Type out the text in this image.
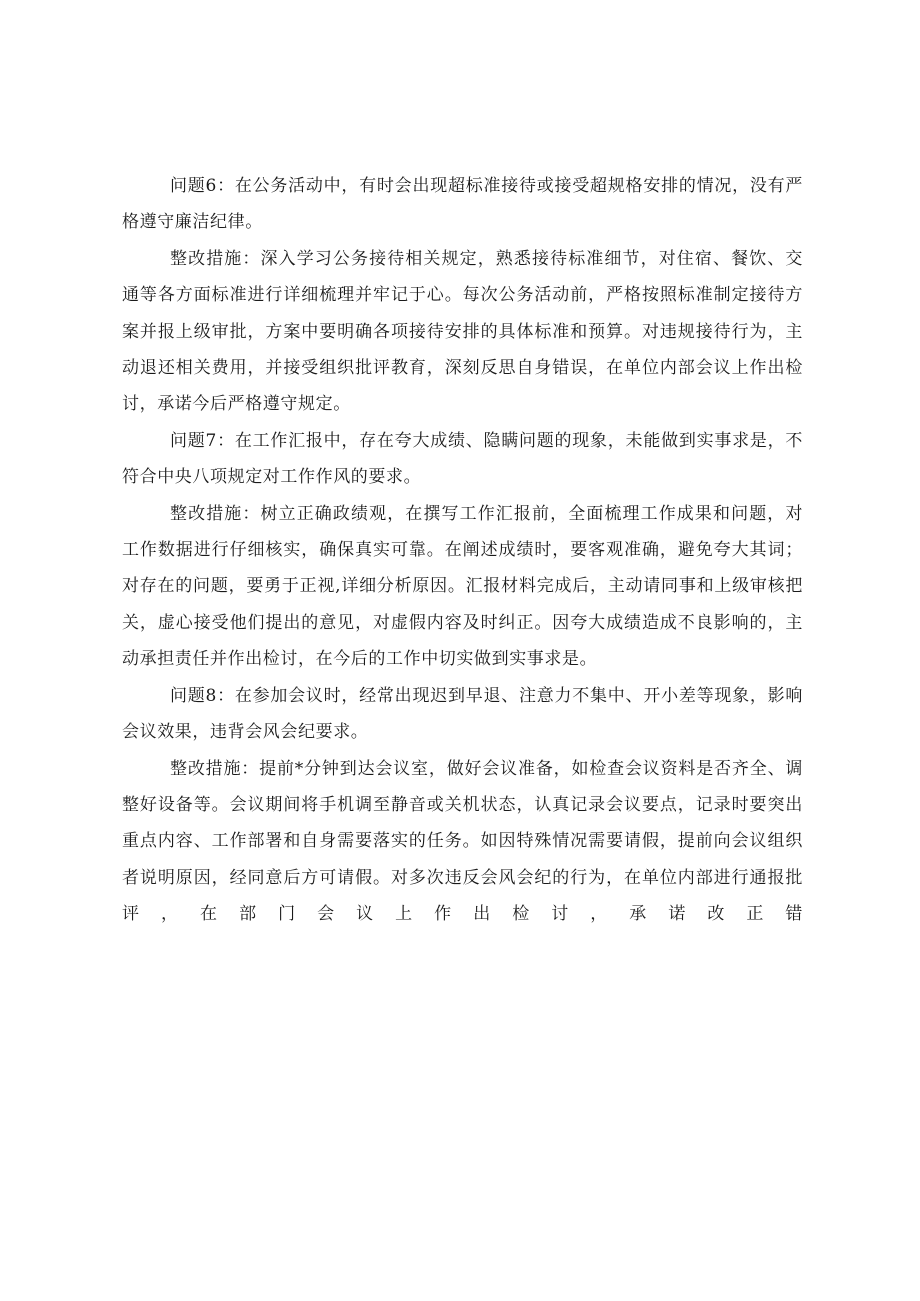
问题6：在公务活动中，有时会出现超标准接待或接受超规格安排的情况，没有严格遵守廉洁纪律。

整改措施：深入学习公务接待相关规定，熟悉接待标准细节，对住宿、餐饮、交通等各方面标准进行详细梳理并牢记于心。每次公务活动前，严格按照标准制定接待方案并报上级审批，方案中要明确各项接待安排的具体标准和预算。对违规接待行为，主动退还相关费用，并接受组织批评教育，深刻反思自身错误，在单位内部会议上作出检讨，承诺今后严格遵守规定。

问题7：在工作汇报中，存在夸大成绩、隐瞒问题的现象，未能做到实事求是，不符合中央八项规定对工作作风的要求。

整改措施：树立正确政绩观，在撰写工作汇报前，全面梳理工作成果和问题，对工作数据进行仔细核实，确保真实可靠。在阐述成绩时，要客观准确，避免夸大其词；对存在的问题，要勇于正视,详细分析原因。汇报材料完成后，主动请同事和上级审核把关，虚心接受他们提出的意见，对虚假内容及时纠正。因夸大成绩造成不良影响的，主动承担责任并作出检讨，在今后的工作中切实做到实事求是。

问题8：在参加会议时，经常出现迟到早退、注意力不集中、开小差等现象，影响会议效果，违背会风会纪要求。

整改措施：提前*分钟到达会议室，做好会议准备，如检查会议资料是否齐全、调整好设备等。会议期间将手机调至静音或关机状态，认真记录会议要点，记录时要突出重点内容、工作部署和自身需要落实的任务。如因特殊情况需要请假，提前向会议组织者说明原因，经同意后方可请假。对多次违反会风会纪的行为，在单位内部进行通报批评，在部门会议上作出检讨，承诺改正错
